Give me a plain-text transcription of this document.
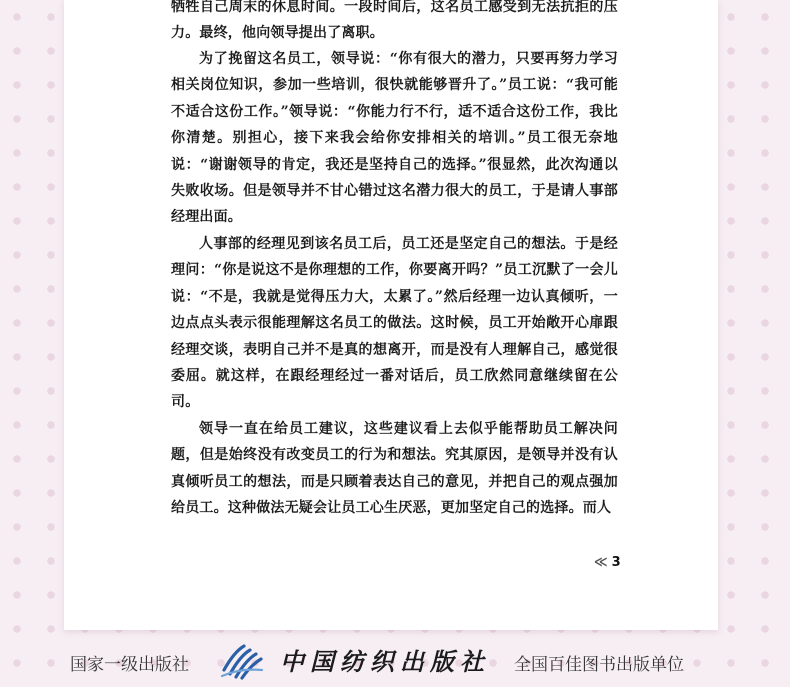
牺牲自己周末的休息时间。一段时间后，这名员工感受到无法抗拒的压力。最终，他向领导提出了离职。

为了挽留这名员工，领导说：“你有很大的潜力，只要再努力学习相关岗位知识，参加一些培训，很快就能够晋升了。”员工说：“我可能不适合这份工作。”领导说：“你能力行不行，适不适合这份工作，我比你清楚。别担心，接下来我会给你安排相关的培训。”员工很无奈地说：“谢谢领导的肯定，我还是坚持自己的选择。”很显然，此次沟通以失败收场。但是领导并不甘心错过这名潜力很大的员工，于是请人事部经理出面。

人事部的经理见到该名员工后，员工还是坚定自己的想法。于是经理问：“你是说这不是你理想的工作，你要离开吗？”员工沉默了一会儿说：“不是，我就是觉得压力大，太累了。”然后经理一边认真倾听，一边点点头表示很能理解这名员工的做法。这时候，员工开始敞开心扉跟经理交谈，表明自己并不是真的想离开，而是没有人理解自己，感觉很委屈。就这样，在跟经理经过一番对话后，员工欣然同意继续留在公司。

领导一直在给员工建议，这些建议看上去似乎能帮助员工解决问题，但是始终没有改变员工的行为和想法。究其原因，是领导并没有认真倾听员工的想法，而是只顾着表达自己的意见，并把自己的观点强加给员工。这种做法无疑会让员工心生厌恶，更加坚定自己的选择。而人

≪ 3
国家一级出版社	中国纺织出版社 全国百佳图书出版单位
